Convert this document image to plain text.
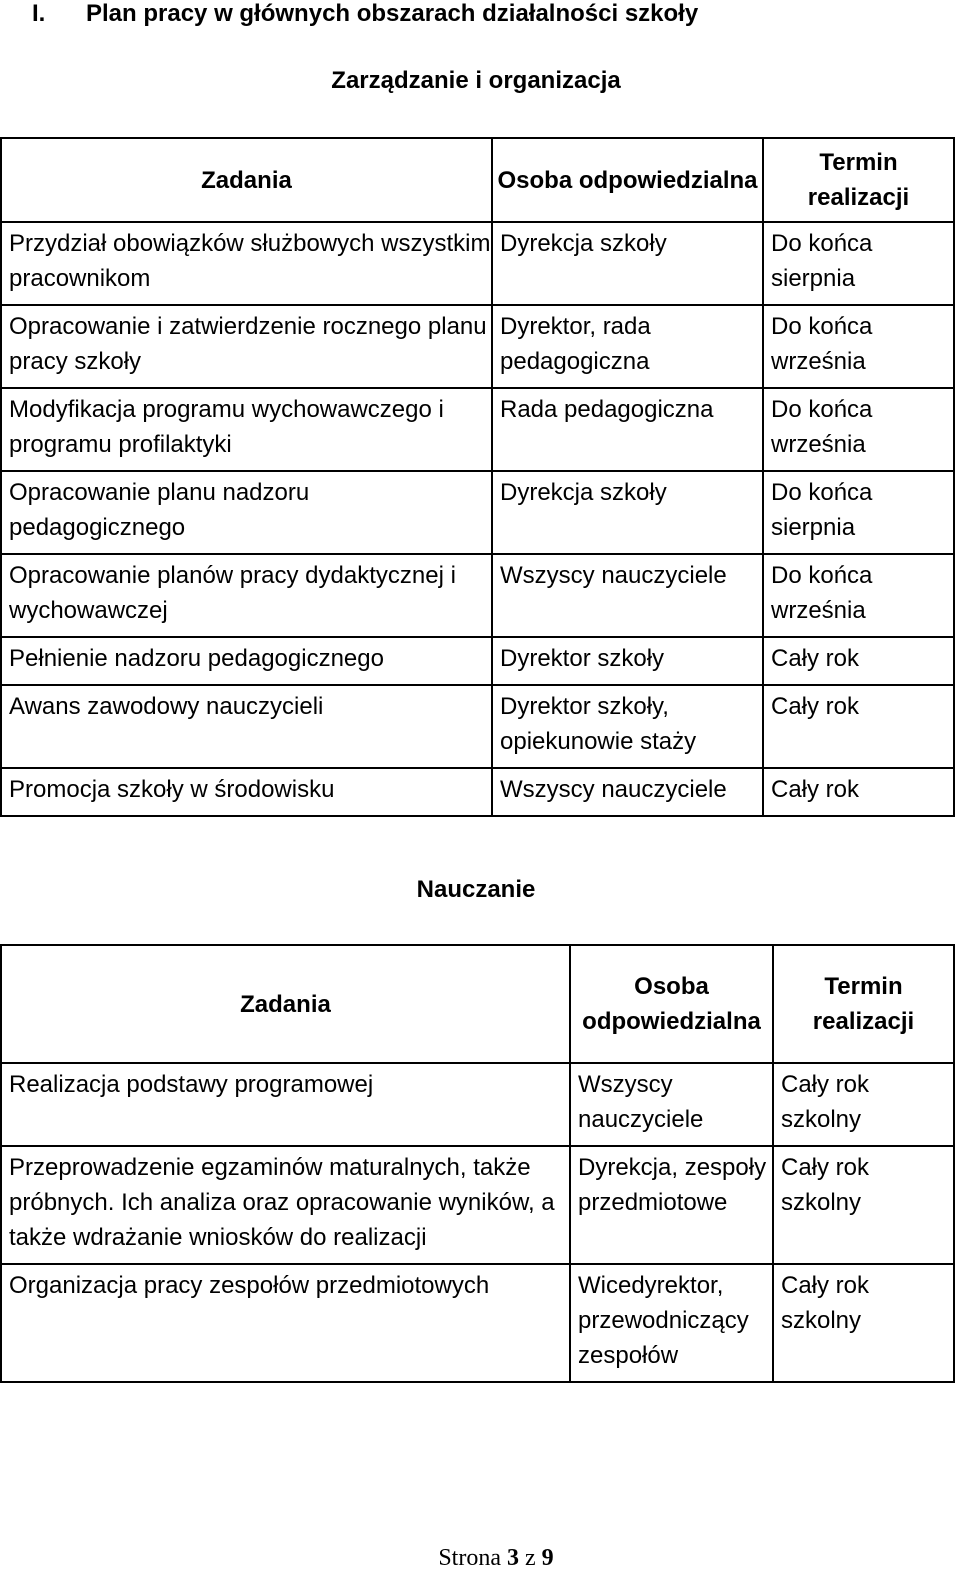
I. Plan pracy w głównych obszarach działalności szkoły
Zarządzanie i organizacja
Zadania	Osoba odpowiedzialna	Termin realizacji
Przydział obowiązków służbowych wszystkim pracownikom	Dyrekcja szkoły	Do końca sierpnia
Opracowanie i zatwierdzenie rocznego planu pracy szkoły	Dyrektor, rada pedagogiczna	Do końca września
Modyfikacja programu wychowawczego i programu profilaktyki	Rada pedagogiczna	Do końca września
Opracowanie planu nadzoru pedagogicznego	Dyrekcja szkoły	Do końca sierpnia
Opracowanie planów pracy dydaktycznej i wychowawczej	Wszyscy nauczyciele	Do końca września
Pełnienie nadzoru pedagogicznego	Dyrektor szkoły	Cały rok
Awans zawodowy nauczycieli	Dyrektor szkoły, opiekunowie stażу	Cały rok
Promocja szkoły w środowisku	Wszyscy nauczyciele	Cały rok
Nauczanie
Zadania	Osoba odpowiedzialna	Termin realizacji
Realizacja podstawy programowej	Wszyscy nauczyciele	Cały rok szkolny
Przeprowadzenie egzaminów maturalnych, także próbnych. Ich analiza oraz opracowanie wyników, a także wdrażanie wniosków do realizacji	Dyrekcja, zespoły przedmiotowe	Cały rok szkolny
Organizacja pracy zespołów przedmiotowych	Wicedyrektor, przewodniczący zespołów	Cały rok szkolny
Strona 3 z 9
